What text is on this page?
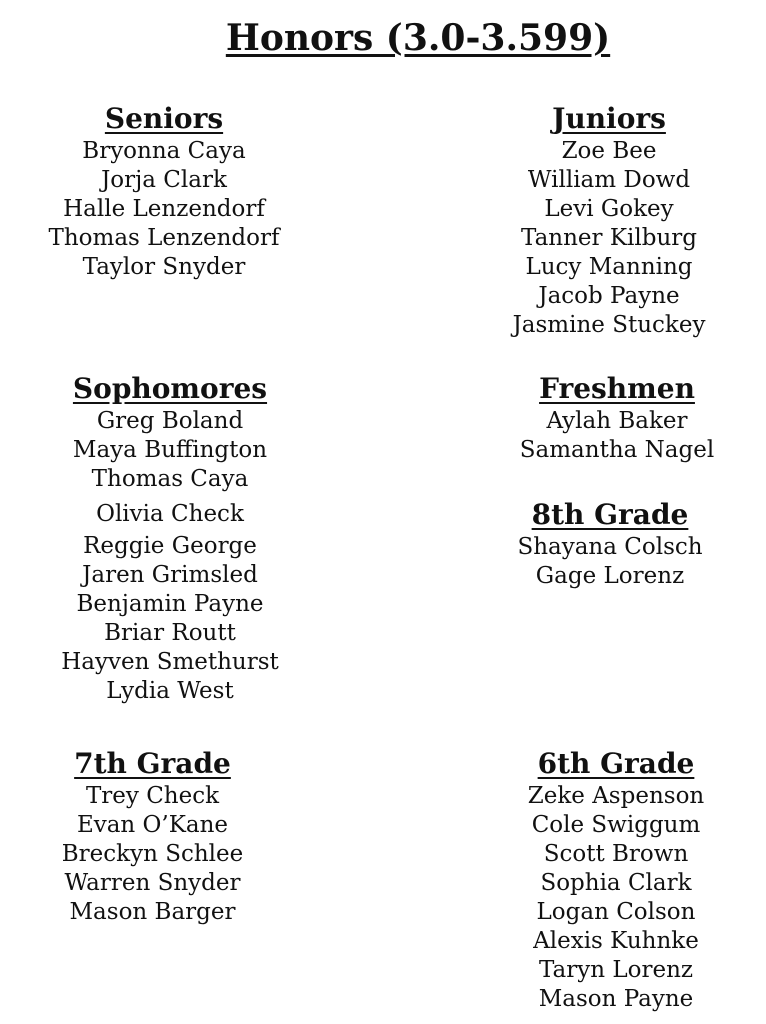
Honors (3.0-3.599)
Seniors
Bryonna Caya
Jorja Clark
Halle Lenzendorf
Thomas Lenzendorf
Taylor Snyder
Juniors
Zoe Bee
William Dowd
Levi Gokey
Tanner Kilburg
Lucy Manning
Jacob Payne
Jasmine Stuckey
Sophomores
Greg Boland
Maya Buffington
Thomas Caya
Olivia Check
Reggie George
Jaren Grimsled
Benjamin Payne
Briar Routt
Hayven Smethurst
Lydia West
Freshmen
Aylah Baker
Samantha Nagel
8th Grade
Shayana Colsch
Gage Lorenz
7th Grade
Trey Check
Evan O’Kane
Breckyn Schlee
Warren Snyder
Mason Barger
6th Grade
Zeke Aspenson
Cole Swiggum
Scott Brown
Sophia Clark
Logan Colson
Alexis Kuhnke
Taryn Lorenz
Mason Payne
